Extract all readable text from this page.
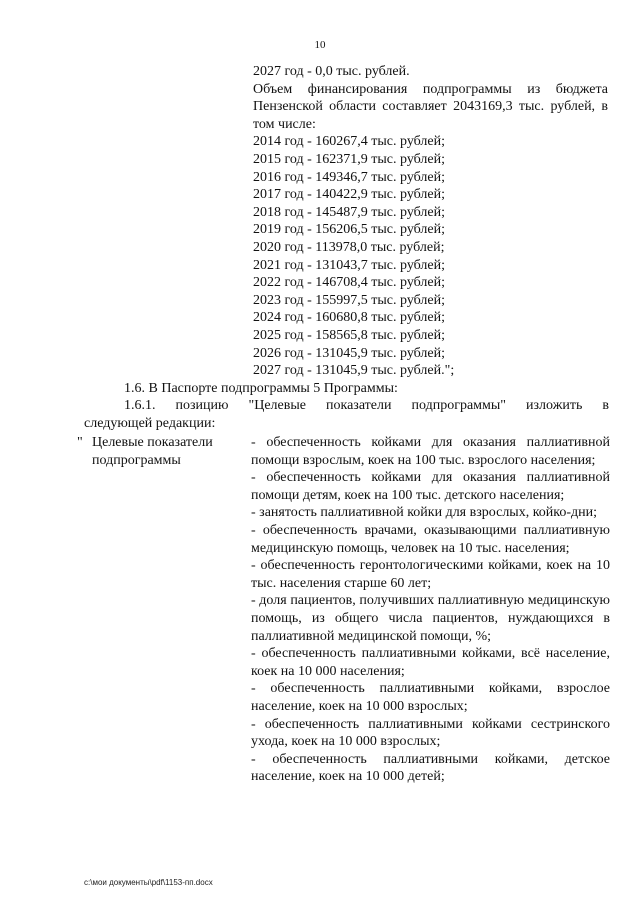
10
2027 год - 0,0 тыс. рублей.
Объем финансирования подпрограммы из бюджета Пензенской области составляет 2043169,3 тыс. рублей, в том числе:
2014 год - 160267,4 тыс. рублей;
2015 год - 162371,9 тыс. рублей;
2016 год - 149346,7 тыс. рублей;
2017 год - 140422,9 тыс. рублей;
2018 год - 145487,9 тыс. рублей;
2019 год - 156206,5 тыс. рублей;
2020 год - 113978,0 тыс. рублей;
2021 год - 131043,7 тыс. рублей;
2022 год - 146708,4 тыс. рублей;
2023 год - 155997,5 тыс. рублей;
2024 год - 160680,8 тыс. рублей;
2025 год - 158565,8 тыс. рублей;
2026 год - 131045,9 тыс. рублей;
2027 год - 131045,9 тыс. рублей.";
1.6. В Паспорте подпрограммы 5 Программы:
1.6.1. позицию "Целевые показатели подпрограммы" изложить в
следующей редакции:
" Целевые показатели подпрограммы

- обеспеченность койками для оказания паллиативной помощи взрослым, коек на 100 тыс. взрослого населения;

- обеспеченность койками для оказания паллиативной помощи детям, коек на 100 тыс. детского населения;

- занятость паллиативной койки для взрослых, койко-дни;

- обеспеченность врачами, оказывающими паллиативную медицинскую помощь, человек на 10 тыс. населения;

- обеспеченность геронтологическими койками, коек на 10 тыс. населения старше 60 лет;

- доля пациентов, получивших паллиативную медицинскую помощь, из общего числа пациентов, нуждающихся в паллиативной медицинской помощи, %;

- обеспеченность паллиативными койками, всё население, коек на 10 000 населения;

- обеспеченность паллиативными койками, взрослое население, коек на 10 000 взрослых;

- обеспеченность паллиативными койками сестринского ухода, коек на 10 000 взрослых;

- обеспеченность паллиативными койками, детское население, коек на 10 000 детей;

c:\мои документы\pdf\1153-пп.docx
